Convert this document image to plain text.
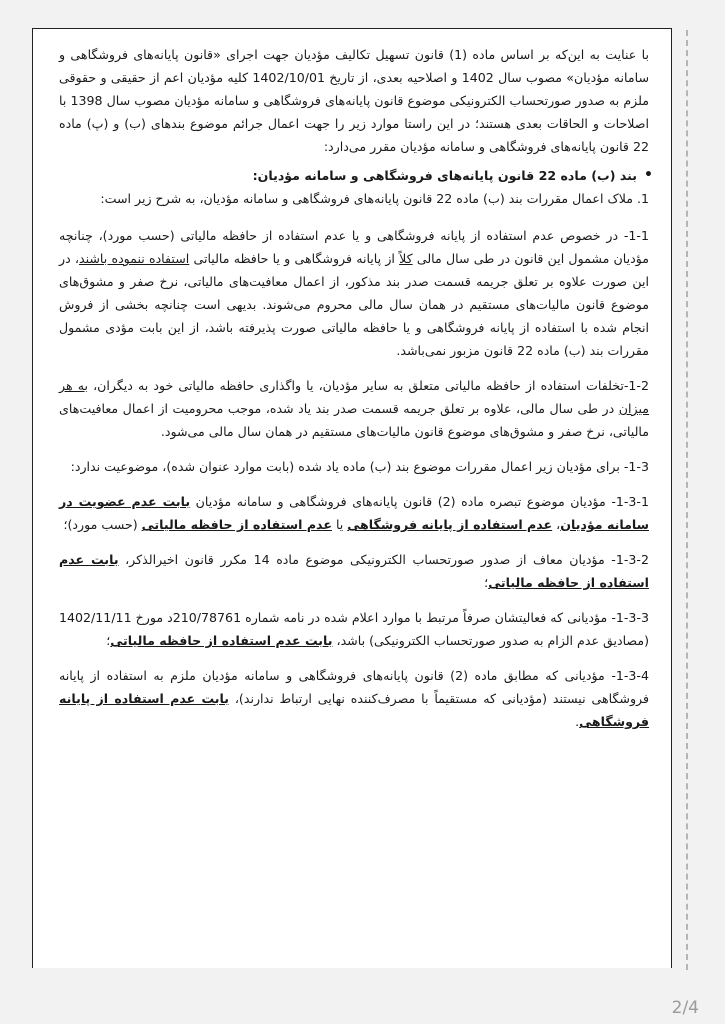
با عنایت به این‌که بر اساس ماده (1) قانون تسهیل تکالیف مؤدیان جهت اجرای «قانون پایانه‌های فروشگاهی و سامانه مؤدیان» مصوب سال 1402 و اصلاحیه بعدی، از تاریخ 1402/10/01 کلیه مؤدیان اعم از حقیقی و حقوقی ملزم به صدور صورتحساب الکترونیکی موضوع قانون پایانه‌های فروشگاهی و سامانه مؤدیان مصوب سال 1398 با اصلاحات و الحاقات بعدی هستند؛ در این راستا موارد زیر را جهت اعمال جرائم موضوع بندهای (ب) و (پ) ماده 22 قانون پایانه‌های فروشگاهی و سامانه مؤدیان مقرر می‌دارد:

• بند (ب) ماده 22 قانون پایانه‌های فروشگاهی و سامانه مؤدیان:

1. ملاک اعمال مقررات بند (ب) ماده 22 قانون پایانه‌های فروشگاهی و سامانه مؤدیان، به شرح زیر است:

1-1- در خصوص عدم استفاده از پایانه فروشگاهی و یا عدم استفاده از حافظه مالیاتی (حسب مورد)، چنانچه مؤدیان مشمول این قانون در طی سال مالی کلاً از پایانه فروشگاهی و یا حافظه مالیاتی استفاده ننموده باشند، در این صورت علاوه بر تعلق جریمه قسمت صدر بند مذکور، از اعمال معافیت‌های مالیاتی، نرخ صفر و مشوق‌های موضوع قانون مالیات‌های مستقیم در همان سال مالی محروم می‌شوند. بدیهی است چنانچه بخشی از فروش انجام شده با استفاده از پایانه فروشگاهی و یا حافظه مالیاتی صورت پذیرفته باشد، از این بابت مؤدی مشمول مقررات بند (ب) ماده 22 قانون مزبور نمی‌باشد.

1-2-تخلفات استفاده از حافظه مالیاتی متعلق به سایر مؤدیان، یا واگذاری حافظه مالیاتی خود به دیگران، به هر میزان در طی سال مالی، علاوه بر تعلق جریمه قسمت صدر بند یاد شده، موجب محرومیت از اعمال معافیت‌های مالیاتی، نرخ صفر و مشوق‌های موضوع قانون مالیات‌های مستقیم در همان سال مالی می‌شود.

1-3- برای مؤدیان زیر اعمال مقررات موضوع بند (ب) ماده یاد شده (بابت موارد عنوان شده)، موضوعیت ندارد:

1-3-1- مؤدیان موضوع تبصره ماده (2) قانون پایانه‌های فروشگاهی و سامانه مؤدیان بابت عدم عضویت در سامانه مؤدیان، عدم استفاده از پایانه فروشگاهی یا عدم استفاده از حافظه مالیاتی (حسب مورد)؛

1-3-2- مؤدیان معاف از صدور صورتحساب الکترونیکی موضوع ماده 14 مکرر قانون اخیرالذکر، بابت عدم استفاده از حافظه مالیاتی؛

1-3-3- مؤدیانی که فعالیتشان صرفاً مرتبط با موارد اعلام شده در نامه شماره 210/78761د مورخ 1402/11/11 (مصادیق عدم الزام به صدور صورتحساب الکترونیکی) باشد، بابت عدم استفاده از حافظه مالیاتی؛

1-3-4- مؤدیانی که مطابق ماده (2) قانون پایانه‌های فروشگاهی و سامانه مؤدیان ملزم به استفاده از پایانه فروشگاهی نیستند (مؤدیانی که مستقیماً با مصرف‌کننده نهایی ارتباط ندارند)، بابت عدم استفاده از پایانه فروشگاهی.

2/4
